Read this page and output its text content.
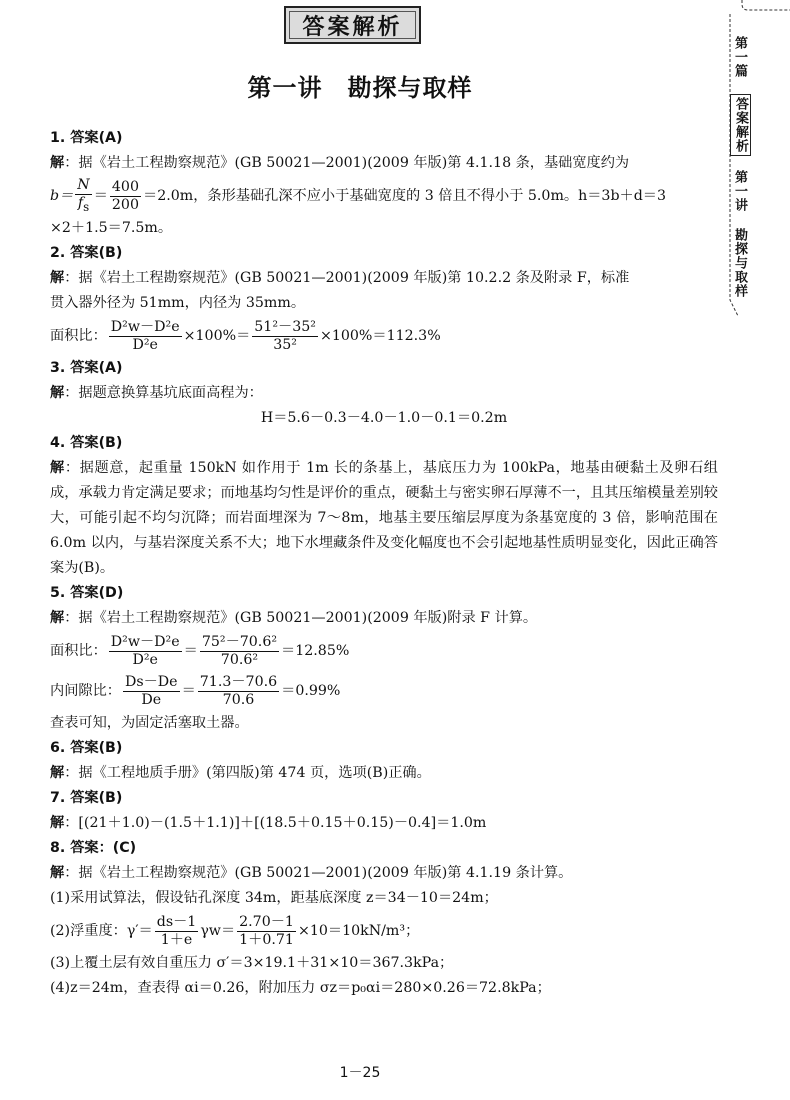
答案解析
第一讲　勘探与取样
第一篇
答案解析
第一讲
勘探与取样

1. 答案(A)

解：据《岩土工程勘察规范》(GB 50021—2001)(2009 年版)第 4.1.18 条，基础宽度约为

$b= \frac{N}{f_s} = \frac{400}{200} =2.0m$，条形基础孔深不应小于基础宽度的 3 倍且不得小于 5.0m。h＝3b＋d＝3

×2＋1.5＝7.5m。

2. 答案(B)

解：据《岩土工程勘察规范》(GB 50021—2001)(2009 年版)第 10.2.2 条及附录 F，标准

贯入器外径为 51mm，内径为 35mm。

面积比： $\frac{\text{D²w－D²e}}{\text{D²e}} \times 100\%= \frac{\text{51²－35²}}{\text{35²}} \times 100\%=112.3\%$

3. 答案(A)

解：据题意换算基坑底面高程为：

H＝5.6－0.3－4.0－1.0－0.1＝0.2m

4. 答案(B)

解：据题意，起重量 150kN 如作用于 1m 长的条基上，基底压力为 100kPa，地基由硬黏土及卵石组成，承载力肯定满足要求；而地基均匀性是评价的重点，硬黏土与密实卵石厚薄不一，且其压缩模量差别较大，可能引起不均匀沉降；而岩面埋深为 7～8m，地基主要压缩层厚度为条基宽度的 3 倍，影响范围在 6.0m 以内，与基岩深度关系不大；地下水埋藏条件及变化幅度也不会引起地基性质明显变化，因此正确答案为(B)。

5. 答案(D)

解：据《岩土工程勘察规范》(GB 50021—2001)(2009 年版)附录 F 计算。

面积比： $\frac{\text{D²w－D²e}}{\text{D²e}} = \frac{\text{75²－70.6²}}{\text{70.6²}} =12.85\%$

内间隙比： $\frac{Ds-De}{De} = \frac{71.3-70.6}{70.6} =0.99\%$

查表可知，为固定活塞取土器。

6. 答案(B)

解：据《工程地质手册》(第四版)第 474 页，选项(B)正确。

7. 答案(B)

解：[(21＋1.0)－(1.5＋1.1)]＋[(18.5＋0.15＋0.15)－0.4]＝1.0m

8. 答案：(C)

解：据《岩土工程勘察规范》(GB 50021—2001)(2009 年版)第 4.1.19 条计算。

(1)采用试算法，假设钻孔深度 34m，距基底深度 z＝34－10＝24m；

(2)浮重度：$\gamma'= \frac{ds-1}{1+e} \gamma w= \frac{2.70-1}{1+0.71} \times 10=10kN/m^3$；

(3)上覆土层有效自重压力 σ′＝3×19.1＋31×10＝367.3kPa；

(4)z＝24m，查表得 αi＝0.26，附加压力 σz＝p₀αi＝280×0.26＝72.8kPa；

1－25
